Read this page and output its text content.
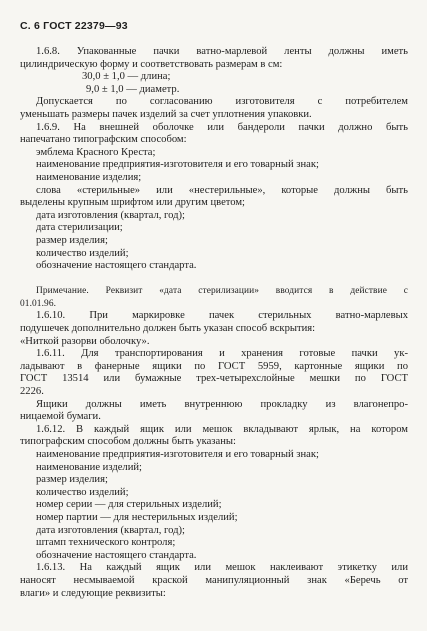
С. 6 ГОСТ 22379—93
1.6.8. Упакованные пачки ватно-марлевой ленты должны иметь
цилиндрическую форму и соответствовать размерам в см:
30,0 ± 1,0 — длина;
9,0 ± 1,0 — диаметр.
Допускается по согласованию изготовителя с потребителем
уменьшать размеры пачек изделий за счет уплотнения упаковки.
1.6.9. На внешней оболочке или бандероли пачки должно быть
напечатано типографским способом:
эмблема Красного Креста;
наименование предприятия-изготовителя и его товарный знак;
наименование изделия;
слова «стерильные» или «нестерильные», которые должны быть
выделены крупным шрифтом или другим цветом;
дата изготовления (квартал, год);
дата стерилизации;
размер изделия;
количество изделий;
обозначение настоящего стандарта.
Примечание. Реквизит «дата стерилизации» вводится в действие с
01.01.96.
1.6.10. При маркировке пачек стерильных ватно-марлевых
подушечек дополнительно должен быть указан способ вскрытия:
«Ниткой разорви оболочку».
1.6.11. Для транспортирования и хранения готовые пачки ук-
ладывают в фанерные ящики по ГОСТ 5959, картонные ящики по
ГОСТ 13514 или бумажные трех-четырехслойные мешки по ГОСТ
2226.
Ящики должны иметь внутреннюю прокладку из влагонепро-
ницаемой бумаги.
1.6.12. В каждый ящик или мешок вкладывают ярлык, на котором
типографским способом должны быть указаны:
наименование предприятия-изготовителя и его товарный знак;
наименование изделий;
размер изделия;
количество изделий;
номер серии — для стерильных изделий;
номер партии — для нестерильных изделий;
дата изготовления (квартал, год);
штамп технического контроля;
обозначение настоящего стандарта.
1.6.13. На каждый ящик или мешок наклеивают этикетку или
наносят несмываемой краской манипуляционный знак «Беречь от
влаги» и следующие реквизиты:
